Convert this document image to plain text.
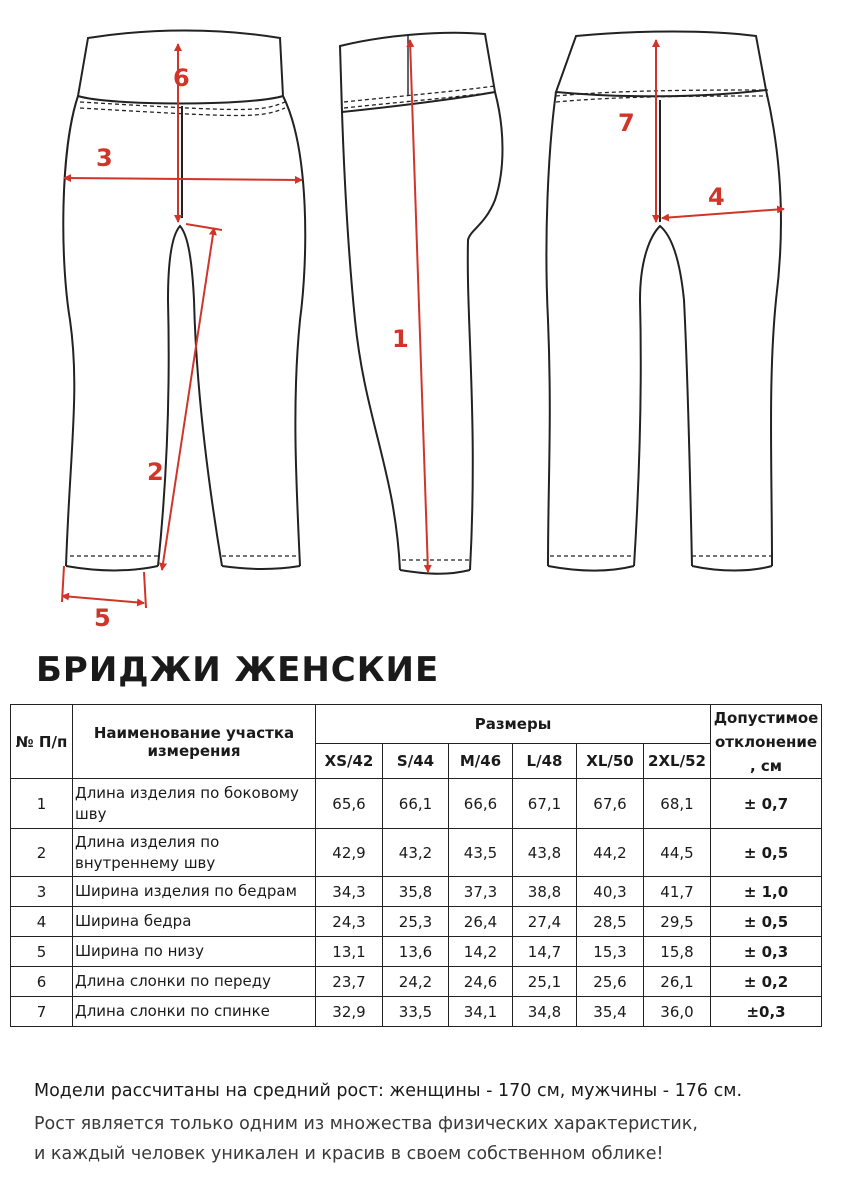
1
2
3
4
5
6
7
БРИДЖИ ЖЕНСКИЕ
№ П/п	Наименование участка измерения	Размеры						Допустимое отклонение , см
		XS/42	S/44	M/46	L/48	XL/50	2XL/52	
1	Длина изделия по боковому шву	65,6	66,1	66,6	67,1	67,6	68,1	± 0,7
2	Длина изделия по внутреннему шву	42,9	43,2	43,5	43,8	44,2	44,5	± 0,5
3	Ширина изделия по бедрам	34,3	35,8	37,3	38,8	40,3	41,7	± 1,0
4	Ширина бедра	24,3	25,3	26,4	27,4	28,5	29,5	± 0,5
5	Ширина по низу	13,1	13,6	14,2	14,7	15,3	15,8	± 0,3
6	Длина слонки по переду	23,7	24,2	24,6	25,1	25,6	26,1	± 0,2
7	Длина слонки по спинке	32,9	33,5	34,1	34,8	35,4	36,0	±0,3
Модели рассчитаны на средний рост: женщины - 170 см, мужчины - 176 см.
Рост является только одним из множества физических характеристик,
и каждый человек уникален и красив в своем собственном облике!
